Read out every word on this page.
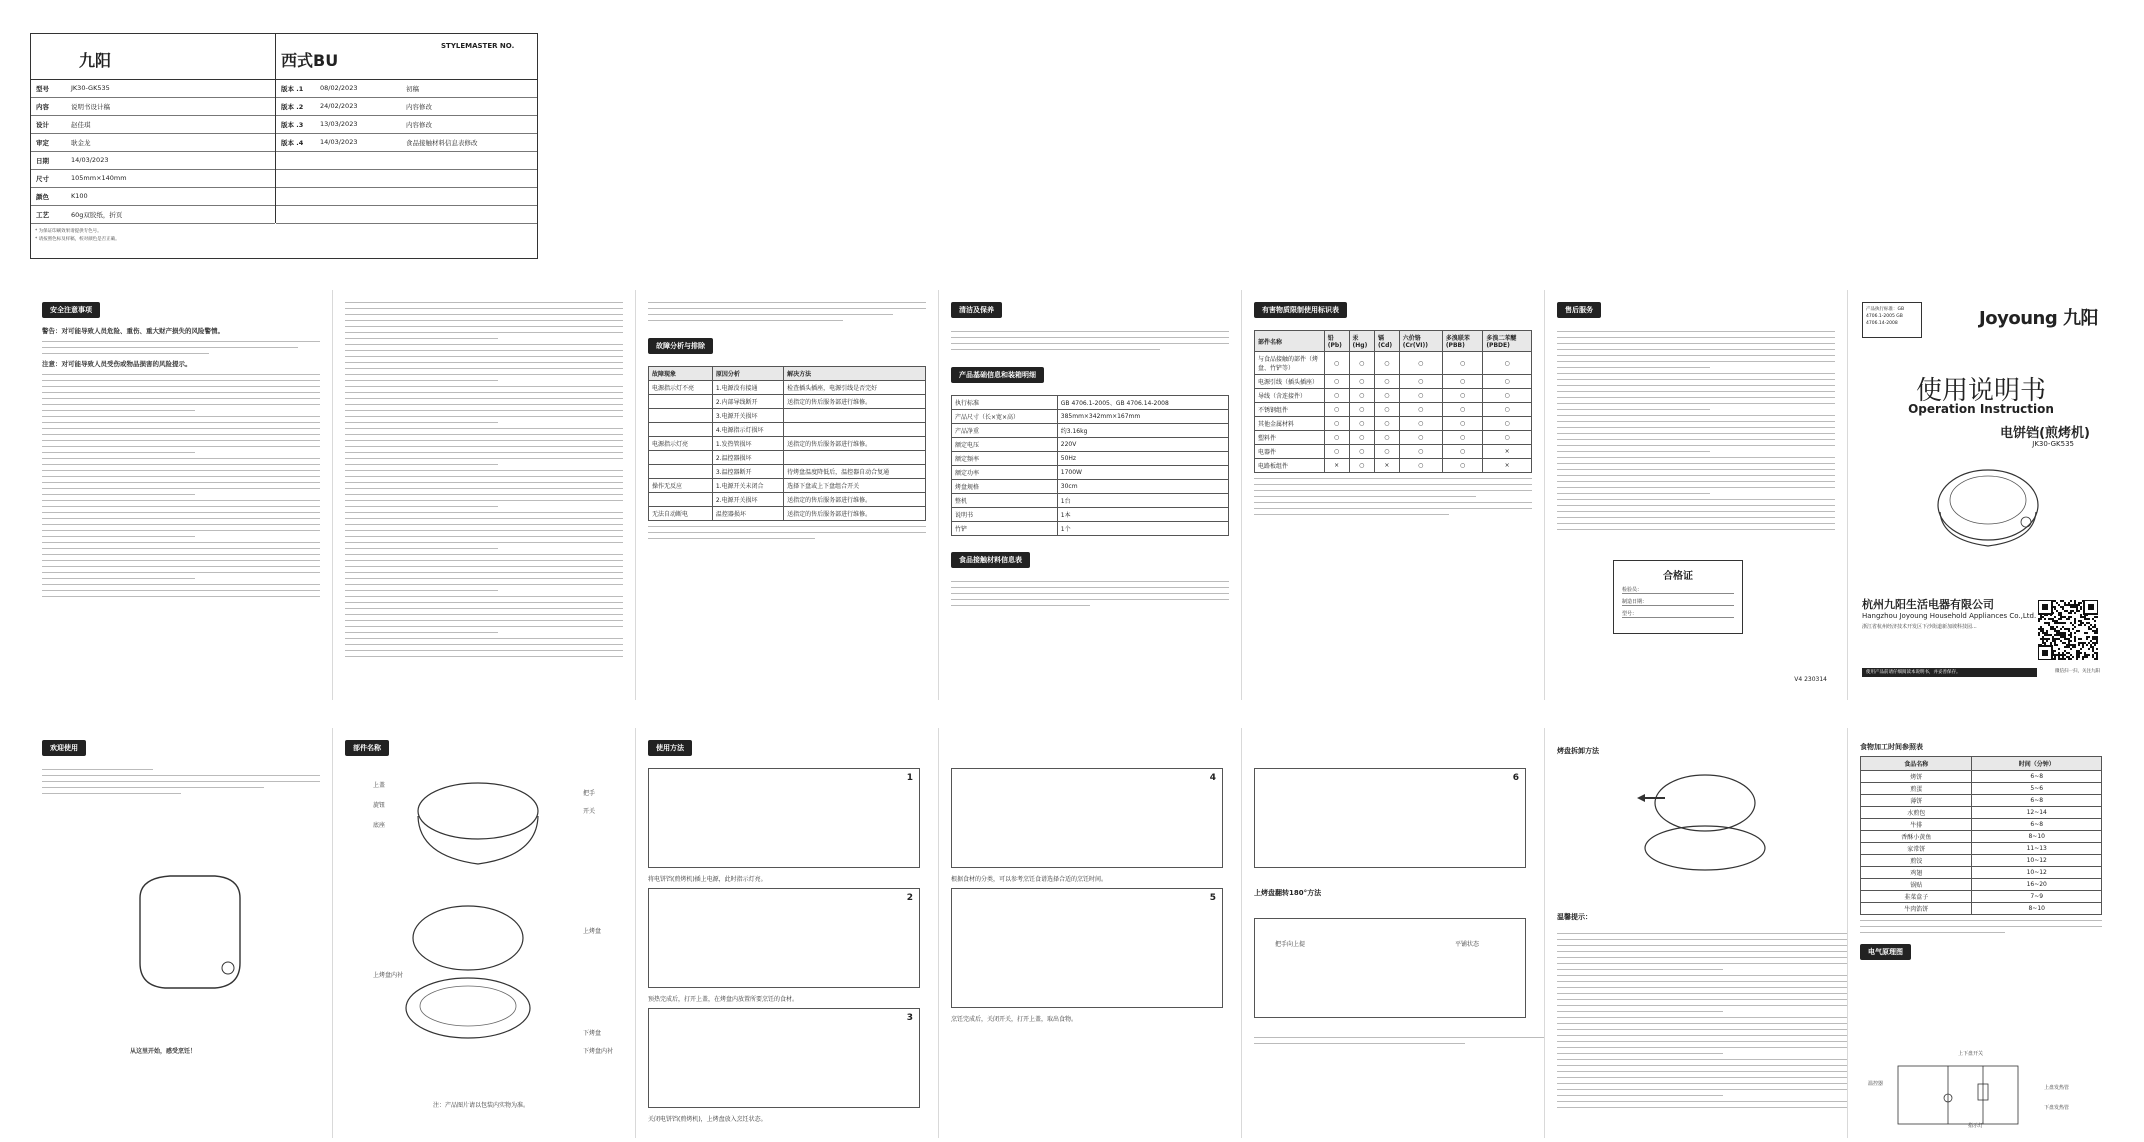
九阳	西式BU
STYLEMASTER NO.
型号	JK30-GK535
内容	说明书设计稿
设计	赵佳琪
审定	耿金龙
日期	14/03/2023
尺寸	105mm×140mm
颜色	K100
工艺	60g双胶纸，折页
版本 .1	08/02/2023	初稿
版本 .2	24/02/2023	内容修改
版本 .3	13/03/2023	内容修改
版本 .4	14/03/2023	食品接触材料信息表修改
* 为保证印刷效果请提供专色号。
* 请按照色标及样稿，校对颜色是否正确。
安全注意事项
警告：对可能导致人员危险、重伤、重大财产损失的风险警情。
注意：对可能导致人员受伤或物品损害的风险提示。
故障分析与排除
故障现象	原因分析	解决方法
电源指示灯不亮	1.电源没有接通	检查插头插座，电源引线是否完好
	2.内部导线断开	送指定的售后服务部进行维修。
	3.电源开关损坏	
	4.电源指示灯损坏	
电源指示灯亮	1.发热管损坏	送指定的售后服务部进行维修。
	2.温控器损坏	
	3.温控器断开	待烤盘温度降低后，温控器自动合复通
操作无反应	1.电源开关未闭合	选择下盘或上下盘组合开关
	2.电源开关损坏	送指定的售后服务部进行维修。
无法自动断电	温控器损坏	送指定的售后服务部进行维修。
清洁及保养
产品基础信息和装箱明细
执行标准	GB 4706.1-2005、GB 4706.14-2008
产品尺寸（长×宽×高）	385mm×342mm×167mm
产品净重	约3.16kg
额定电压	220V
额定频率	50Hz
额定功率	1700W
烤盘规格	30cm
整机	1台
说明书	1本
竹铲	1个
食品接触材料信息表
有害物质限制使用标识表
部件名称	铅(Pb)	汞(Hg)	镉(Cd)	六价铬(Cr(VI))	多溴联苯(PBB)	多溴二苯醚(PBDE)
与食品接触的部件（烤盘、竹铲等）	○	○	○	○	○	○
电源引线（插头插座）	○	○	○	○	○	○
导线（含连接件）	○	○	○	○	○	○
不锈钢组件	○	○	○	○	○	○
其他金属材料	○	○	○	○	○	○
塑料件	○	○	○	○	○	○
电器件	○	○	○	○	○	×
电路板组件	×	○	×	○	○	×
售后服务
合格证
检验员：
制造日期：
型号：
V4 230314
产品执行标准：GB 4706.1-2005 GB 4706.14-2008	Joyoung 九阳
使用说明书
Operation Instruction
电饼铛(煎烤机)
JK30-GK535
杭州九阳生活电器有限公司
Hangzhou Joyoung Household Appliances Co.,Ltd.
浙江省杭州经济技术开发区下沙街道新加坡科技园...
使用产品前请仔细阅读本说明书，并妥善保存。	微信扫一扫，关注九阳
欢迎使用
从这里开始，感受烹饪！
部件名称
上盖
旋钮
底座
把手
开关
上烤盘
上烤盘内衬
下烤盘
下烤盘内衬
注：产品图片请以包装内实物为准。
使用方法
1
将电饼铛(煎烤机)插上电源，此时指示灯亮。
2
预热完成后，打开上盖，在烤盘内放置所要烹饪的食材。
3
关闭电饼铛(煎烤机)，上烤盘放入烹饪状态。
4
根据食材的分类，可以参考烹饪食谱选择合适的烹饪时间。
5
烹饪完成后，关闭开关，打开上盖，取出食物。
6
上烤盘翻转180°方法
把手向上提	平铺状态
烤盘拆卸方法
温馨提示：
食物加工时间参照表
食品名称	时间（分钟）
烤饼	6~8
煎蛋	5~6
薄饼	6~8
水煎包	12~14
牛排	6~8
香酥小黄鱼	8~10
家常饼	11~13
煎饺	10~12
鸡翅	10~12
锅贴	16~20
韭菜盒子	7~9
牛肉馅饼	8~10
电气原理图
上下盘开关
上盘发热管
下盘发热管
温控器
指示灯
